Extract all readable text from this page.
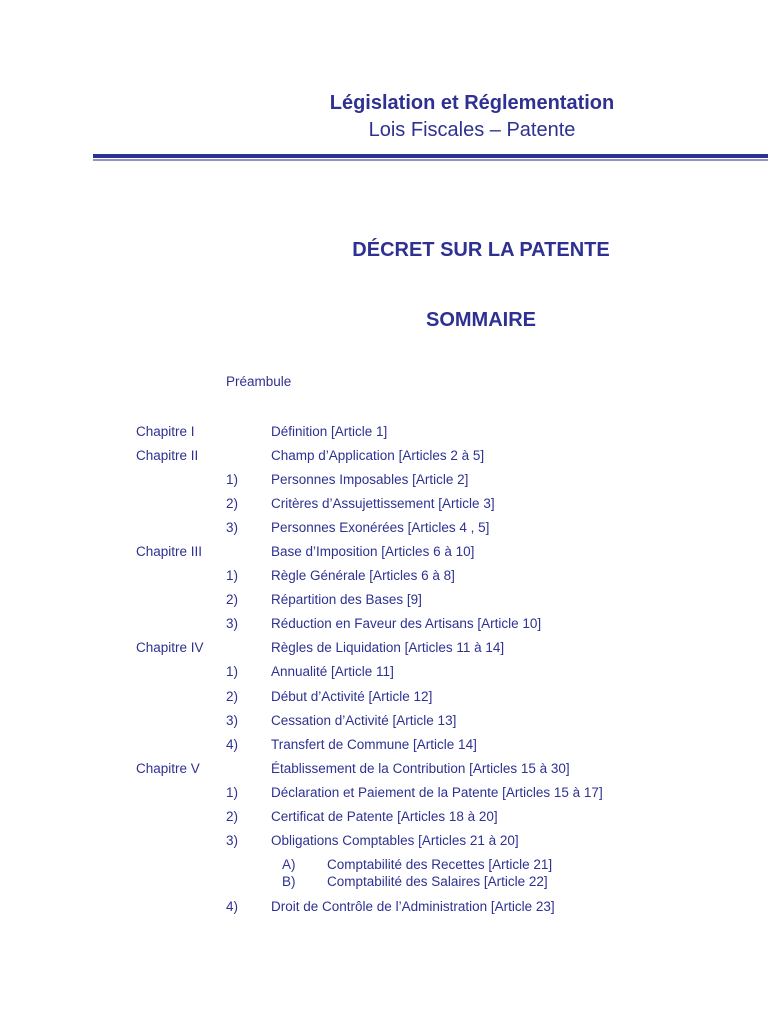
Législation et Réglementation
Lois Fiscales – Patente
DÉCRET SUR LA PATENTE
SOMMAIRE
Préambule
Chapitre I	Définition [Article 1]
Chapitre II	Champ d’Application [Articles 2 à 5]
1) Personnes Imposables [Article 2]
2) Critères d’Assujettissement [Article 3]
3) Personnes Exonérées [Articles 4 , 5]
Chapitre III	Base d’Imposition [Articles 6 à 10]
1) Règle Générale [Articles 6 à 8]
2) Répartition des Bases [9]
3) Réduction en Faveur des Artisans [Article 10]
Chapitre IV	Règles de Liquidation [Articles 11 à 14]
1) Annualité [Article 11]
2) Début d’Activité [Article 12]
3) Cessation d’Activité [Article 13]
4) Transfert de Commune [Article 14]
Chapitre V	Établissement de la Contribution [Articles 15 à 30]
1) Déclaration et Paiement de la Patente [Articles 15 à 17]
2) Certificat de Patente [Articles 18 à 20]
3) Obligations Comptables [Articles 21 à 20]
A) Comptabilité des Recettes [Article 21]
B) Comptabilité des Salaires [Article 22]
4) Droit de Contrôle de l’Administration [Article 23]
